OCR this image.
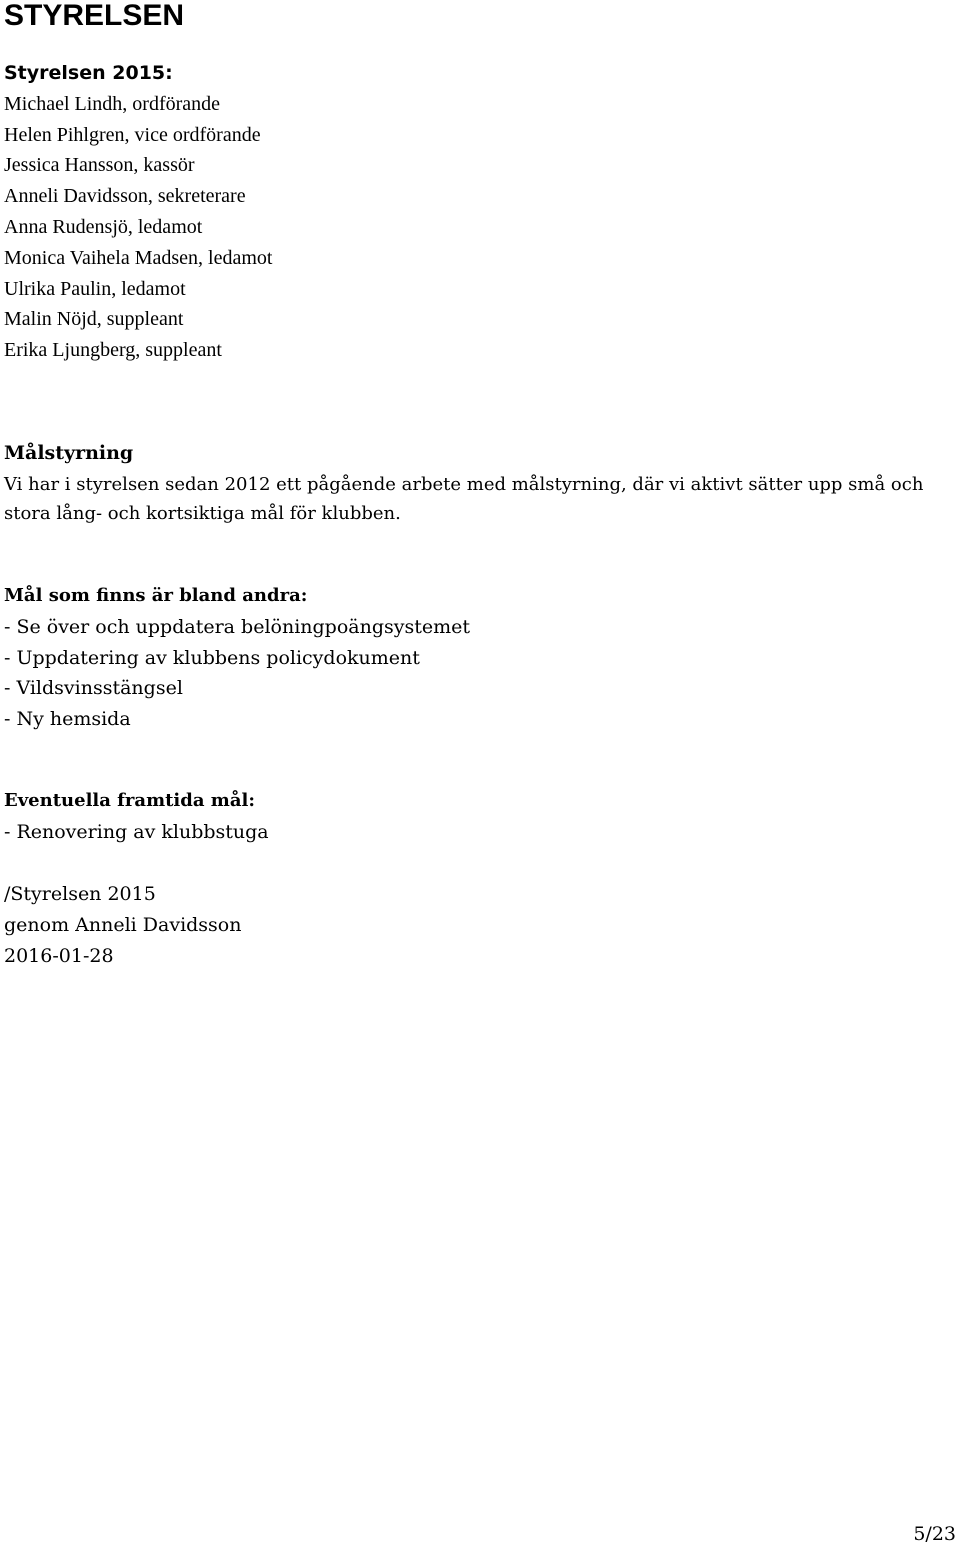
STYRELSEN
Styrelsen 2015:
Michael Lindh, ordförande
Helen Pihlgren, vice ordförande
Jessica Hansson, kassör
Anneli Davidsson, sekreterare
Anna Rudensjö, ledamot
Monica Vaihela Madsen, ledamot
Ulrika Paulin, ledamot
Malin Nöjd, suppleant
Erika Ljungberg, suppleant
Målstyrning
Vi har i styrelsen sedan 2012 ett pågående arbete med målstyrning, där vi aktivt sätter upp små och stora lång- och kortsiktiga mål för klubben.
Mål som finns är bland andra:
- Se över och uppdatera belöningpoängsystemet
- Uppdatering av klubbens policydokument
- Vildsvinsstängsel
- Ny hemsida
Eventuella framtida mål:
- Renovering av klubbstuga
/Styrelsen 2015
genom Anneli Davidsson
2016-01-28
5/23
